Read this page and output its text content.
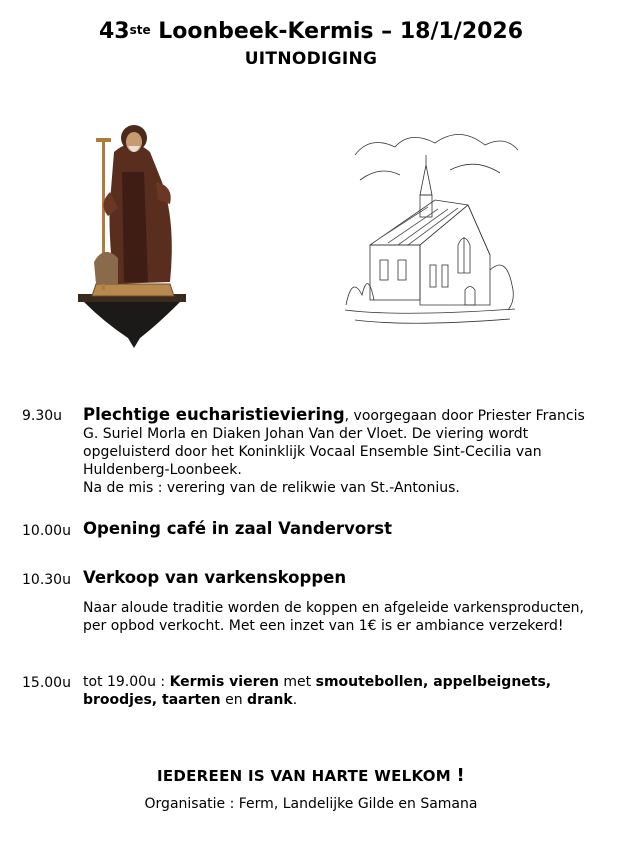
43ste Loonbeek-Kermis – 18/1/2026
UITNODIGING
9.30u	Plechtige eucharistieviering, voorgegaan door Priester Francis G. Suriel Morla en Diaken Johan Van der Vloet. De viering wordt opgeluisterd door het Koninklijk Vocaal Ensemble Sint-Cecilia van Huldenberg-Loonbeek.
Na de mis : verering van de relikwie van St.-Antonius.
10.00u Opening café in zaal Vandervorst
10.30u Verkoop van varkenskoppen
Naar aloude traditie worden de koppen en afgeleide varkensproducten, per opbod verkocht. Met een inzet van 1€ is er ambiance verzekerd!
15.00u tot 19.00u : Kermis vieren met smoutebollen, appelbeignets, broodjes, taarten en drank.
IEDEREEN IS VAN HARTE WELKOM !
Organisatie : Ferm, Landelijke Gilde en Samana
